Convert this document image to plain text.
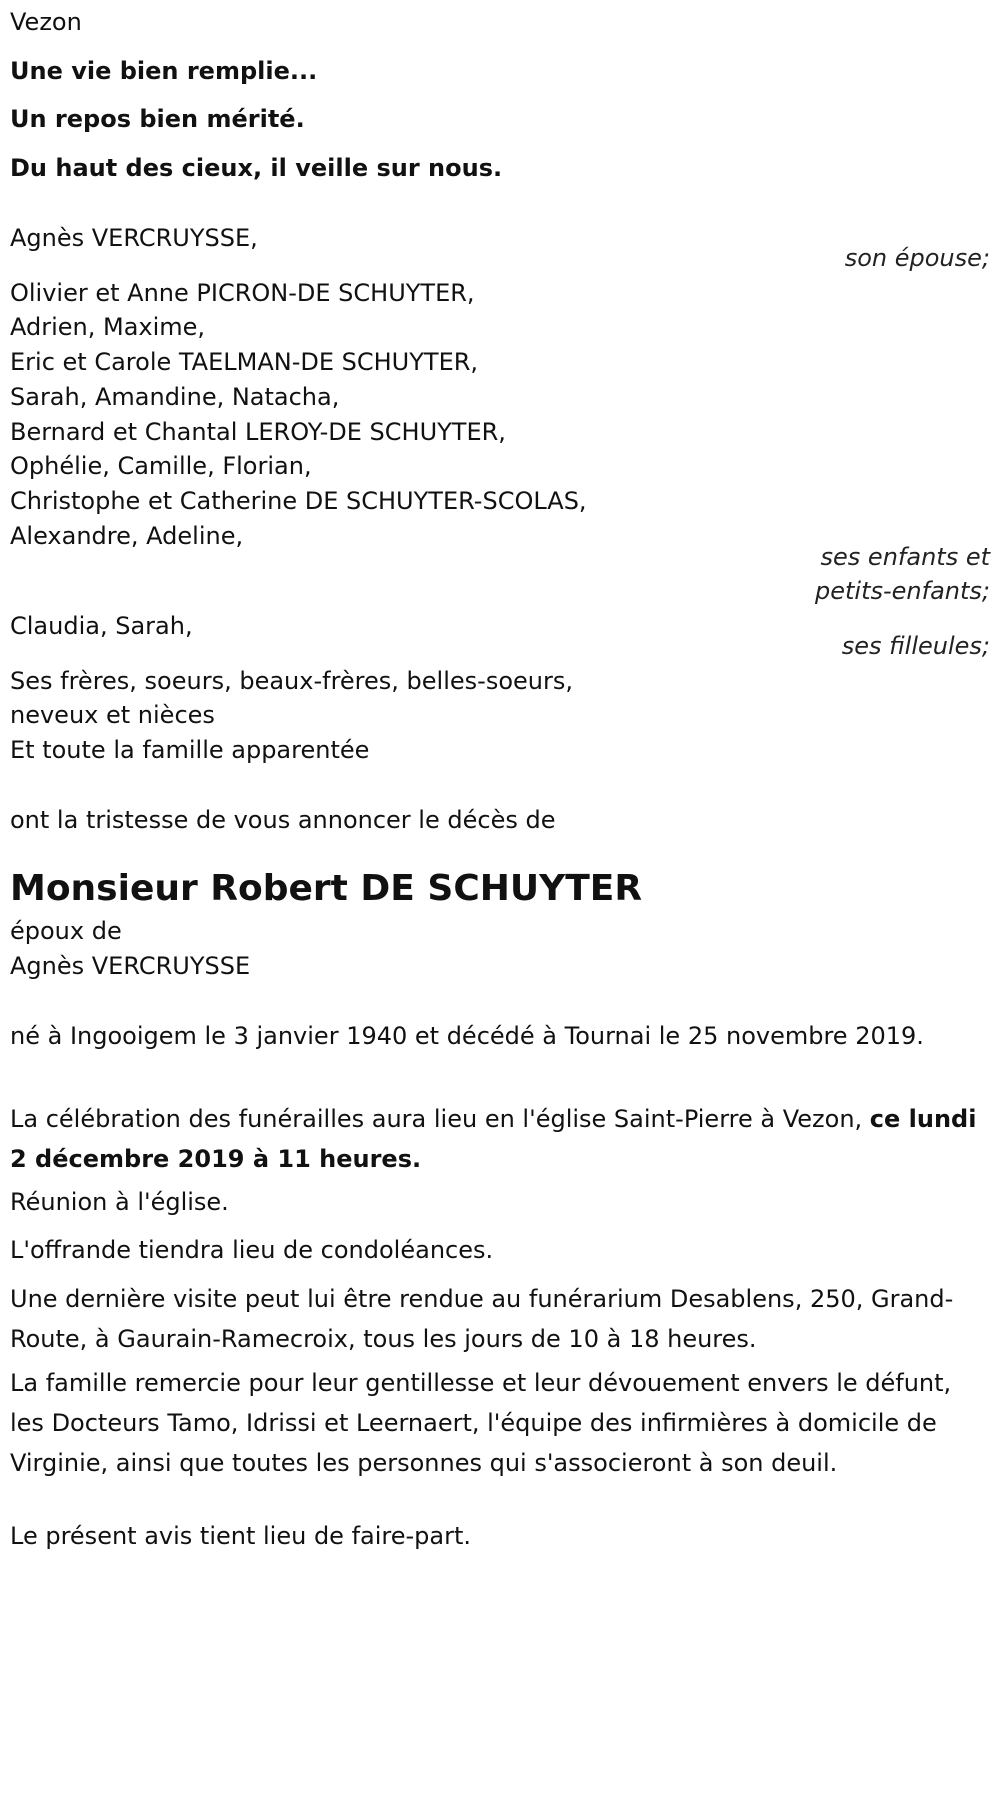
Vezon
Une vie bien remplie...
Un repos bien mérité.
Du haut des cieux, il veille sur nous.
Agnès VERCRUYSSE,
son épouse;
Olivier et Anne PICRON-DE SCHUYTER,
Adrien, Maxime,
Eric et Carole TAELMAN-DE SCHUYTER,
Sarah, Amandine, Natacha,
Bernard et Chantal LEROY-DE SCHUYTER,
Ophélie, Camille, Florian,
Christophe et Catherine DE SCHUYTER-SCOLAS,
Alexandre, Adeline,
ses enfants et
petits-enfants;
Claudia, Sarah,
ses filleules;
Ses frères, soeurs, beaux-frères, belles-soeurs,
neveux et nièces
Et toute la famille apparentée
ont la tristesse de vous annoncer le décès de
Monsieur Robert DE SCHUYTER
époux de
Agnès VERCRUYSSE
né à Ingooigem le 3 janvier 1940 et décédé à Tournai le 25 novembre 2019.
La célébration des funérailles aura lieu en l'église Saint-Pierre à Vezon, ce lundi 2 décembre 2019 à 11 heures.
Réunion à l'église.
L'offrande tiendra lieu de condoléances.
Une dernière visite peut lui être rendue au funérarium Desablens, 250, Grand-Route, à Gaurain-Ramecroix, tous les jours de 10 à 18 heures.
La famille remercie pour leur gentillesse et leur dévouement envers le défunt, les Docteurs Tamo, Idrissi et Leernaert, l'équipe des infirmières à domicile de Virginie, ainsi que toutes les personnes qui s'associeront à son deuil.
Le présent avis tient lieu de faire-part.
